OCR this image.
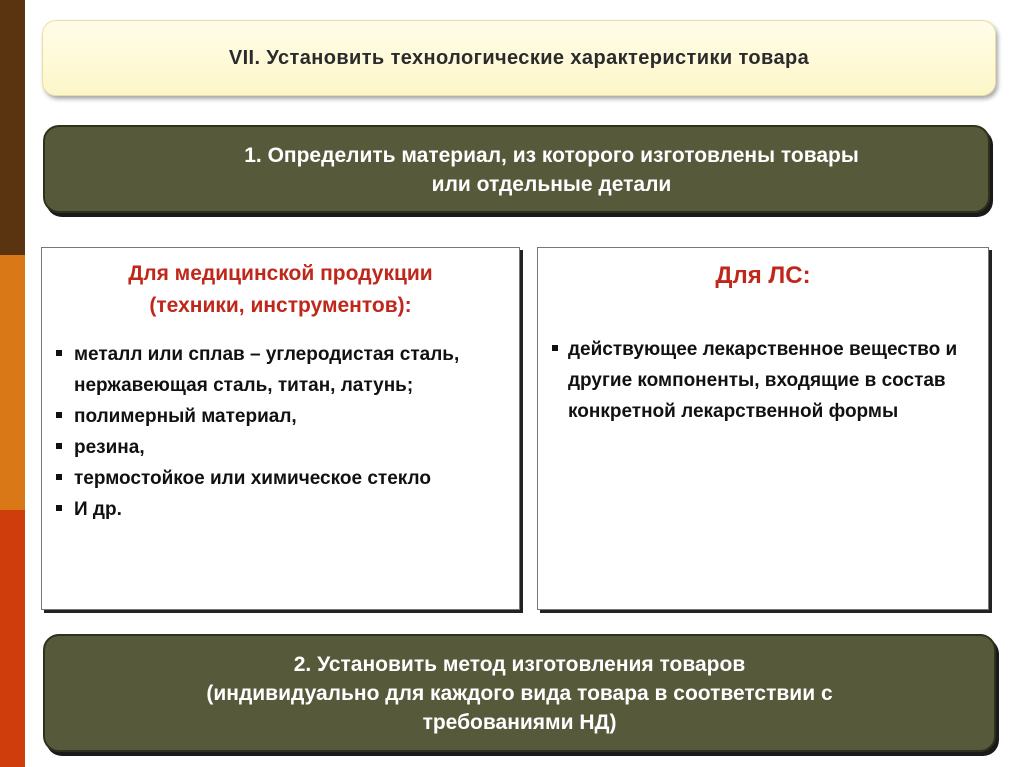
VII. Установить технологические характеристики товара
1. Определить материал, из которого изготовлены товары
или отдельные детали
Для медицинской продукции
(техники, инструментов):
металл или сплав – углеродистая сталь, нержавеющая сталь, титан, латунь;
полимерный материал,
резина,
термостойкое или химическое стекло
И др.
Для ЛС:
действующее лекарственное вещество и другие компоненты, входящие в состав конкретной лекарственной формы
2. Установить метод изготовления товаров
(индивидуально для каждого вида товара в соответствии с
требованиями НД)
